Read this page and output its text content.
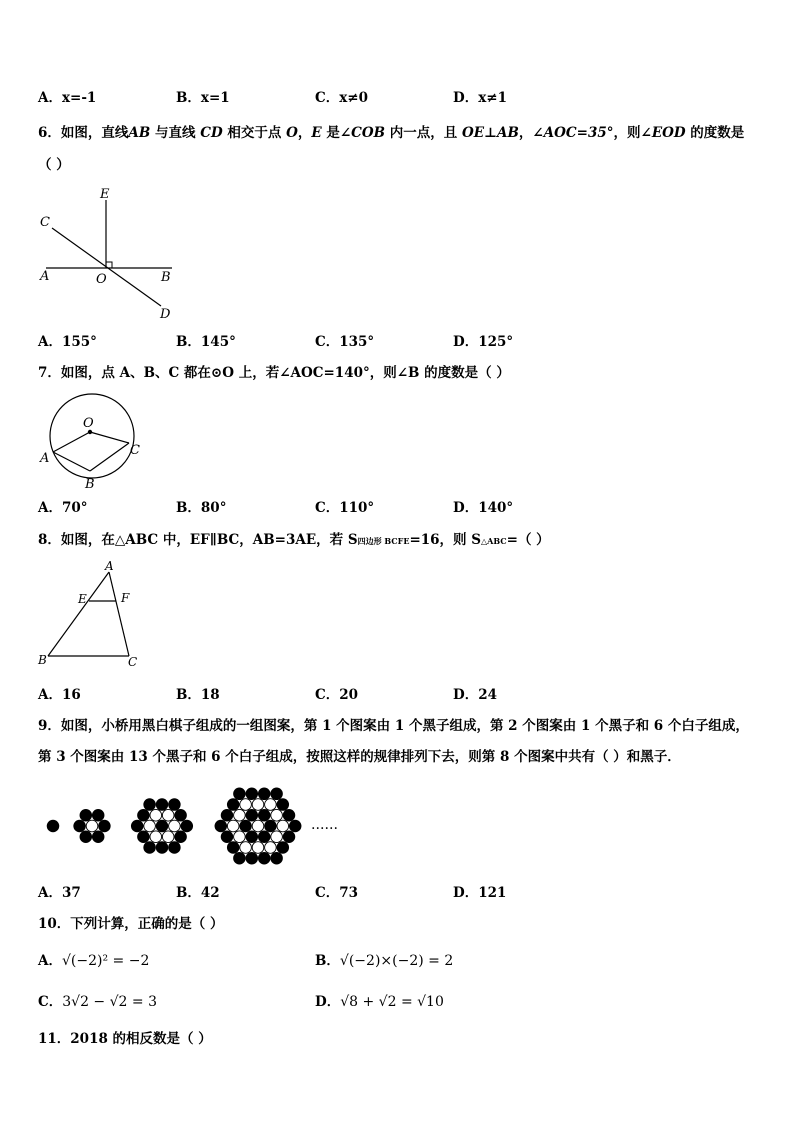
A．x=-1	B．x=1	C．x≠0	D．x≠1
6．如图，直线AB 与直线 CD 相交于点 O，E 是∠COB 内一点，且 OE⊥AB，∠AOC=35°，则∠EOD 的度数是
（ ）
E
C
A	O	B
D
A．155°	B．145°	C．135°	D．125°
7．如图，点 A、B、C 都在⊙O 上，若∠AOC=140°，则∠B 的度数是（ ）
O
A
B
C
A．70°	B．80°	C．110°	D．140°
8．如图，在△ABC 中，EF∥BC，AB=3AE，若 S四边形 BCFE=16，则 S△ABC=（ ）
A
E	F
B	C
A．16	B．18	C．20	D．24
9．如图，小桥用黑白棋子组成的一组图案，第 1 个图案由 1 个黑子组成，第 2 个图案由 1 个黑子和 6 个白子组成，
第 3 个图案由 13 个黑子和 6 个白子组成，按照这样的规律排列下去，则第 8 个图案中共有（ ）和黑子．
……
A．37	B．42	C．73	D．121
10．下列计算，正确的是（ ）
A．√(−2)² = −2	B．√(−2)×(−2) = 2
C．3√2 − √2 = 3	D．√8 + √2 = √10
11．2018 的相反数是（ ）
